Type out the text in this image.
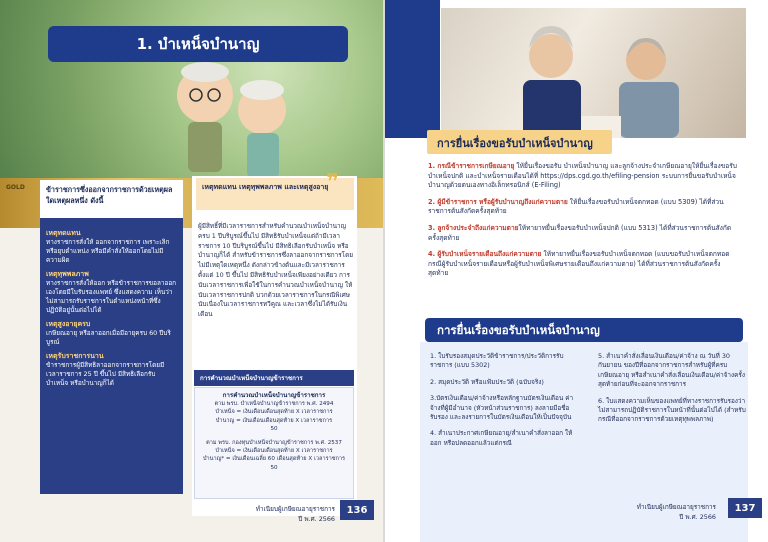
GOLD
1. บำเหน็จบำนาญ
ข้าราชการซึ่งออกจากราชการด้วยเหตุผลใดเหตุผลหนึ่ง ดังนี้
เหตุทดแทน
ทางราชการสั่งให้ ออกจากราชการ เพราะเลิก หรือยุบตำแหน่ง หรือมีคำสั่งให้ออกโดยไม่มีความผิด
เหตุทุพพลภาพ
ทางราชการสั่งให้ออก หรือข้าราชการขอลาออกเองโดยมีใบรับรองแพทย์ ซึ่งแสดงความ เห็นว่าไม่สามารถรับราชการในตำแหน่งหน้าที่ซึ่งปฏิบัติอยู่นั้นต่อไปได้
เหตุสูงอายุครบ
เกษียณอายุ หรือลาออกเมื่อมีอายุครบ 60 ปีบริบูรณ์
เหตุรับราชการนาน
ข้าราชการผู้มีสิทธิลาออกจากราชการโดยมีเวลาราชการ 25 ปี ขึ้นไป มีสิทธิเลือกรับบำเหน็จ หรือบำนาญก็ได้
เหตุทดแทน เหตุทุพพลภาพ และเหตุสูงอายุ
❞
ผู้มีสิทธิ์ที่มีเวลาราชการสำหรับคำนวณบำเหน็จบำนาญครบ 1 ปีบริบูรณ์ขึ้นไป มีสิทธิรับบำเหน็จแต่ถ้ามีเวลาราชการ 10 ปีบริบูรณ์ขึ้นไป มีสิทธิเลือกรับบำเหน็จ หรือบำนาญก็ได้ สำหรับข้าราชการซึ่งลาออกจากราชการโดยไม่มีเหตุใดเหตุหนึ่ง ดังกล่าวข้างต้นและมีเวลาราชการตั้งแต่ 10 ปี ขึ้นไป มีสิทธิรับบำเหน็จเพียงอย่างเดียว การนับเวลาราชการเพื่อใช้ในการคำนวณบำเหน็จบำนาญ ให้นับเวลาราชการปกติ บวกด้วยเวลาราชการในกรณีพิเศษนับเนื่องในเวลาราชการทวีคูณ และเวลาซึ่งไม่ได้รับเงินเดือน
การคำนวณบำเหน็จบำนาญข้าราชการ
การคำนวณบำเหน็จบำนาญข้าราชการ
ตาม พรบ. บำเหน็จบำนาญข้าราชการ พ.ศ. 2494
บำเหน็จ = เงินเดือนเดือนสุดท้าย X เวลาราชการ
บำนาญ = เงินเดือนเดือนสุดท้าย X เวลาราชการ
50
ตาม พรบ. กองทุนบำเหน็จบำนาญข้าราชการ พ.ศ. 2537
บำเหน็จ = เงินเดือนเดือนสุดท้าย X เวลาราชการ
บำนาญ* = เงินเดือนเฉลี่ย 60 เดือนสุดท้าย X เวลาราชการ
50
ทำเนียบผู้เกษียณอายุราชการ
ปี พ.ศ. 2566
136
การยื่นเรื่องขอรับบำเหน็จบำนาญ

1. กรณีข้าราชการเกษียณอายุ ให้ยื่นเรื่องขอรับ บำเหน็จบำนาญ และลูกจ้างประจำเกษียณอายุให้ยื่นเรื่องขอรับ บำเหน็จปกติ และบำเหน็จรายเดือนได้ที่ https://dps.cgd.go.th/efiling-pension ระบบการยื่นขอรับบำเหน็จบำนาญด้วยตนเองทางอิเล็กทรอนิกส์ (E-Filing)

2. ผู้มีข้าราชการ หรือผู้รับบำนาญถึงแก่ความตาย ให้ยื่นเรื่องขอรับบำเหน็จตกทอด (แบบ 5309) ได้ที่ส่วนราชการต้นสังกัดครั้งสุดท้าย

3. ลูกจ้างประจำถึงแก่ความตายให้ทายาทยื่นเรื่องขอรับบำเหน็จปกติ (แบบ 5313) ได้ที่ส่วนราชการต้นสังกัดครั้งสุดท้าย

4. ผู้รับบำเหน็จรายเดือนถึงแก่ความตาย ให้ทายาทยื่นเรื่องขอรับบำเหน็จตกทอด (แบบขอรับบำเหน็จตกทอดกรณีผู้รับบำเหน็จรายเดือนหรือผู้รับบำเหน็จพิเศษรายเดือนถึงแก่ความตาย) ได้ที่ส่วนราชการต้นสังกัดครั้งสุดท้าย

การยื่นเรื่องขอรับบำเหน็จบำนาญ
1. ใบรับรองสมุดประวัติข้าราชการ/ประวัติการรับราชการ (แบบ 5302)
2. สมุดประวัติ หรือแฟ้มประวัติ (ฉบับจริง)
3.บัตรเงินเดือน/ค่าจ้างหรือหลักฐานบัตรเงินเดือน ค่าจ้างที่ผู้มีอำนาจ (หัวหน้าส่วนราชการ) ลงลายมือชื่อรับรอง และลงรายการในบัตรเงินเดือนให้เป็นปัจจุบัน
4. สำเนาประกาศเกษียณอายุ/สำเนาคำสั่งลาออก ให้ออก หรือปลดออกแล้วแต่กรณี
5. สำเนาคำสั่งเลื่อนเงินเดือน/ค่าจ้าง ณ วันที่ 30 กันยายน ของปีที่ออกจากราชการสำหรับผู้ที่ครบเกษียณอายุ หรือสำเนาคำสั่งเลื่อนเงินเดือน/ค่าจ้างครั้งสุดท้ายก่อนที่จะออกจากราชการ
6. ใบแสดงความเห็นของแพทย์ที่ทางราชการรับรองว่าไม่สามารถปฏิบัติราชการในหน้าที่นั้นต่อไปได้ (สำหรับกรณีที่ออกจากราชการด้วยเหตุทุพพลภาพ)
ทำเนียบผู้เกษียณอายุราชการ
ปี พ.ศ. 2566
137
